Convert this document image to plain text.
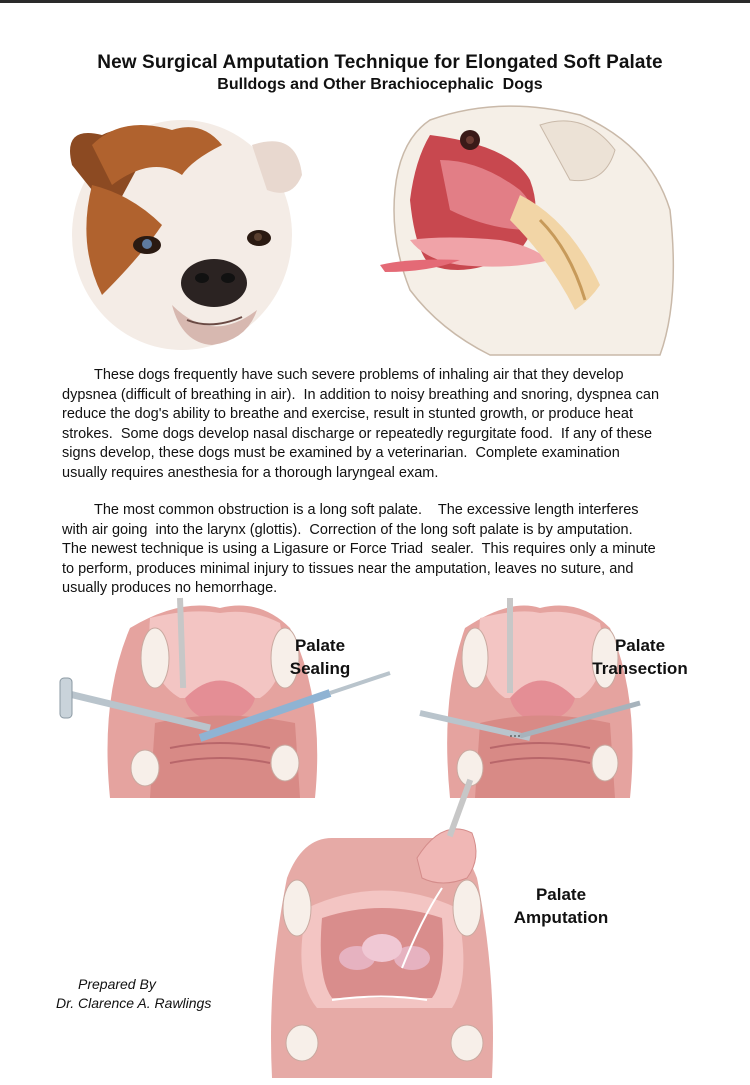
New Surgical Amputation Technique for Elongated Soft Palate
Bulldogs and Other Brachiocephalic  Dogs
These dogs frequently have such severe problems of inhaling air that they develop
dypsnea (difficult of breathing in air).  In addition to noisy breathing and snoring, dyspnea can
reduce the dog's ability to breathe and exercise, result in stunted growth, or produce heat
strokes.  Some dogs develop nasal discharge or repeatedly regurgitate food.  If any of these
signs develop, these dogs must be examined by a veterinarian.  Complete examination
usually requires anesthesia for a thorough laryngeal exam.
The most common obstruction is a long soft palate.    The excessive length interferes
with air going  into the larynx (glottis).  Correction of the long soft palate is by amputation.
The newest technique is using a Ligasure or Force Triad  sealer.  This requires only a minute
to perform, produces minimal injury to tissues near the amputation, leaves no suture, and
usually produces no hemorrhage.
Palate
Sealing
Palate
Transection
Palate
Amputation
Prepared By
Dr. Clarence A. Rawlings
